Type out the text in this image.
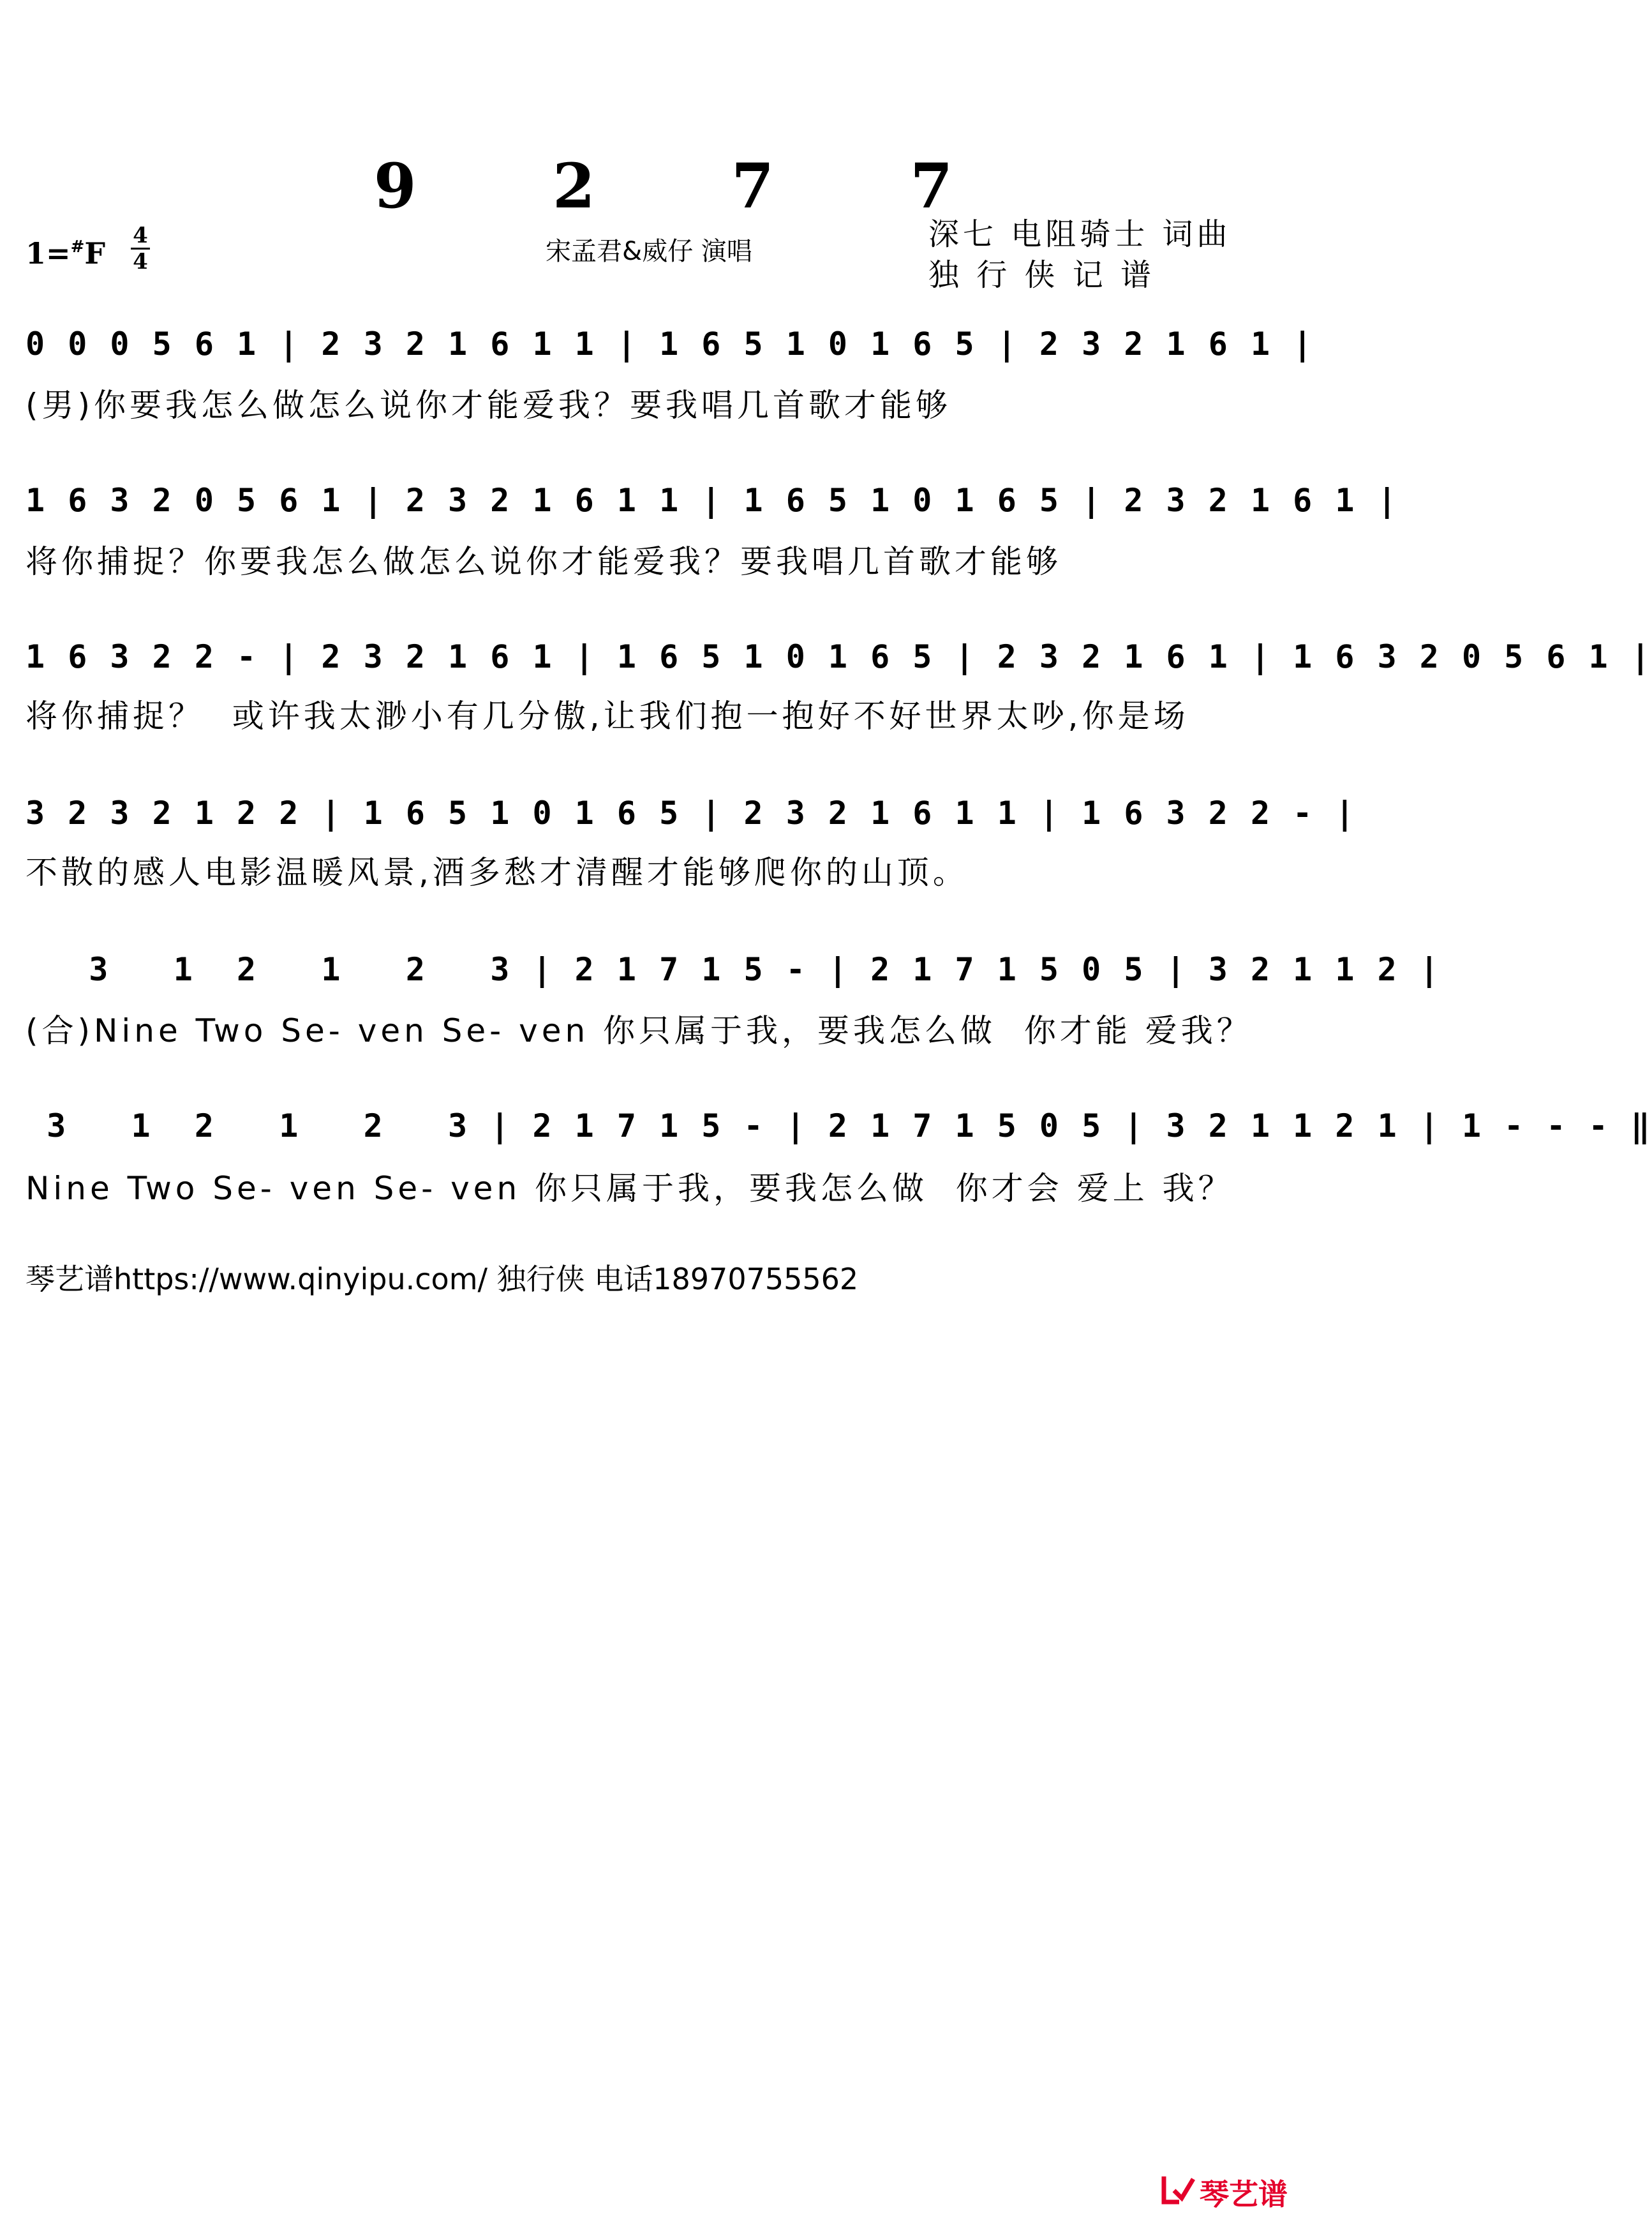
9 2 7 7
1=#F
4
4	宋孟君&威仔 演唱	深七 电阻骑士 词曲
独 行 侠 记 谱
0 0 0 5 6 1 | 2 3 2 1 6 1 1 | 1 6 5 1 0 1 6 5 | 2 3 2 1 6 1 |
(男)你要我怎么做怎么说你才能爱我？要我唱几首歌才能够
1 6 3 2 0 5 6 1 | 2 3 2 1 6 1 1 | 1 6 5 1 0 1 6 5 | 2 3 2 1 6 1 |
将你捕捉？你要我怎么做怎么说你才能爱我？要我唱几首歌才能够
1 6 3 2 2 - | 2 3 2 1 6 1 | 1 6 5 1 0 1 6 5 | 2 3 2 1 6 1 | 1 6 3 2 0 5 6 1 |
将你捕捉？  或许我太渺小有几分傲,让我们抱一抱好不好世界太吵,你是场
3 2 3 2 1 2 2 | 1 6 5 1 0 1 6 5 | 2 3 2 1 6 1 1 | 1 6 3 2 2 - |
不散的感人电影温暖风景,酒多愁才清醒才能够爬你的山顶。
3   1  2   1   2   3 | 2 1 7 1 5 - | 2 1 7 1 5 0 5 | 3 2 1 1 2 |
(合)Nine Two Se- ven Se- ven 你只属于我，要我怎么做  你才能 爱我？
3   1  2   1   2   3 | 2 1 7 1 5 - | 2 1 7 1 5 0 5 | 3 2 1 1 2 1 | 1 - - - ‖
Nine Two Se- ven Se- ven 你只属于我，要我怎么做  你才会 爱上 我？
琴艺谱https://www.qinyipu.com/ 独行侠 电话18970755562
琴艺谱
